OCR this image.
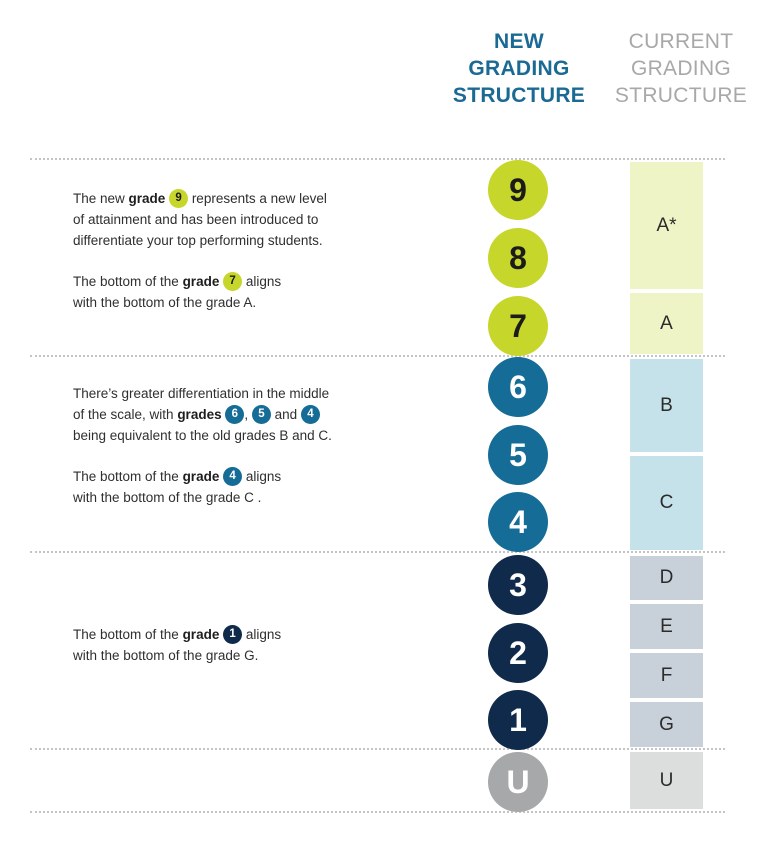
NEW
GRADING
STRUCTURE
CURRENT
GRADING
STRUCTURE

The new grade 9 represents a new level
of attainment and has been introduced to
differentiate your top performing students.

The bottom of the grade 7 aligns
with the bottom of the grade A.

There’s greater differentiation in the middle
of the scale, with grades 6 , 5 and 4
being equivalent to the old grades B and C.

The bottom of the grade 4 aligns
with the bottom of the grade C .

The bottom of the grade 1 aligns
with the bottom of the grade G.

9
8
7
6
5
4
3
2
1
U
A*
A
B
C
D
E
F
G
U
